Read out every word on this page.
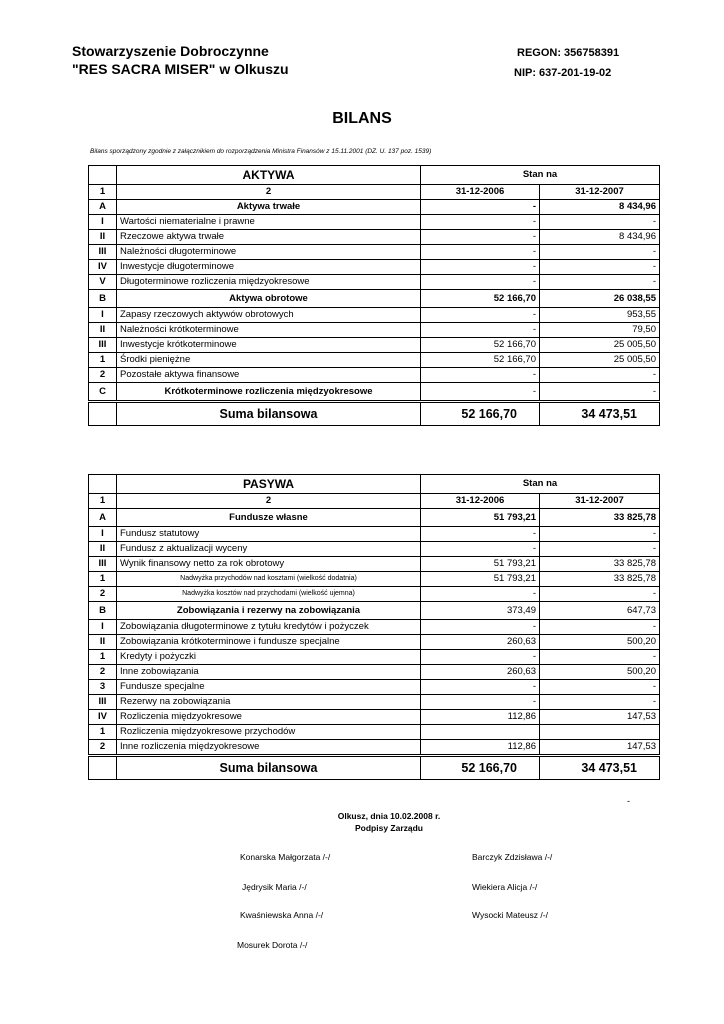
Stowarzyszenie Dobroczynne
"RES SACRA MISER" w Olkuszu
REGON: 356758391
NIP: 637-201-19-02
BILANS
Bilans sporządzony zgodnie z załącznikiem do rozporządzenia Ministra Finansów z 15.11.2001 (DZ. U. 137 poz. 1539)
	AKTYWA	Stan na	
1	2	31-12-2006	31-12-2007
A	Aktywa trwałe	-	8 434,96
I	Wartości niematerialne i prawne	-	-
II	Rzeczowe aktywa trwałe	-	8 434,96
III	Należności długoterminowe	-	-
IV	Inwestycje długoterminowe	-	-
V	Długoterminowe rozliczenia międzyokresowe	-	-
B	Aktywa obrotowe	52 166,70	26 038,55
I	Zapasy rzeczowych aktywów obrotowych	-	953,55
II	Należności krótkoterminowe	-	79,50
III	Inwestycje krótkoterminowe	52 166,70	25 005,50
1	Środki pieniężne	52 166,70	25 005,50
2	Pozostałe aktywa finansowe	-	-
C	Krótkoterminowe rozliczenia międzyokresowe	-	-
	Suma bilansowa	52 166,70	34 473,51
	PASYWA	Stan na	
1	2	31-12-2006	31-12-2007
A	Fundusze własne	51 793,21	33 825,78
I	Fundusz statutowy	-	-
II	Fundusz z aktualizacji wyceny	-	-
III	Wynik finansowy netto za rok obrotowy	51 793,21	33 825,78
1	Nadwyżka przychodów nad kosztami (wielkość dodatnia)	51 793,21	33 825,78
2	Nadwyżka kosztów nad przychodami (wielkość ujemna)	-	-
B	Zobowiązania i rezerwy na zobowiązania	373,49	647,73
I	Zobowiązania długoterminowe z tytułu kredytów i pożyczek	-	-
II	Zobowiązania krótkoterminowe i fundusze specjalne	260,63	500,20
1	Kredyty i pożyczki	-	-
2	Inne zobowiązania	260,63	500,20
3	Fundusze specjalne	-	-
III	Rezerwy na zobowiązania	-	-
IV	Rozliczenia międzyokresowe	112,86	147,53
1	Rozliczenia międzyokresowe przychodów		
2	Inne rozliczenia międzyokresowe	112,86	147,53
	Suma bilansowa	52 166,70	34 473,51
-
Olkusz, dnia 10.02.2008 r.
Podpisy Zarządu
Konarska Małgorzata /-/	Barczyk Zdzisława /-/
Jędrysik Maria /-/	Wiekiera Alicja /-/
Kwaśniewska Anna /-/	Wysocki Mateusz /-/
Mosurek Dorota /-/
